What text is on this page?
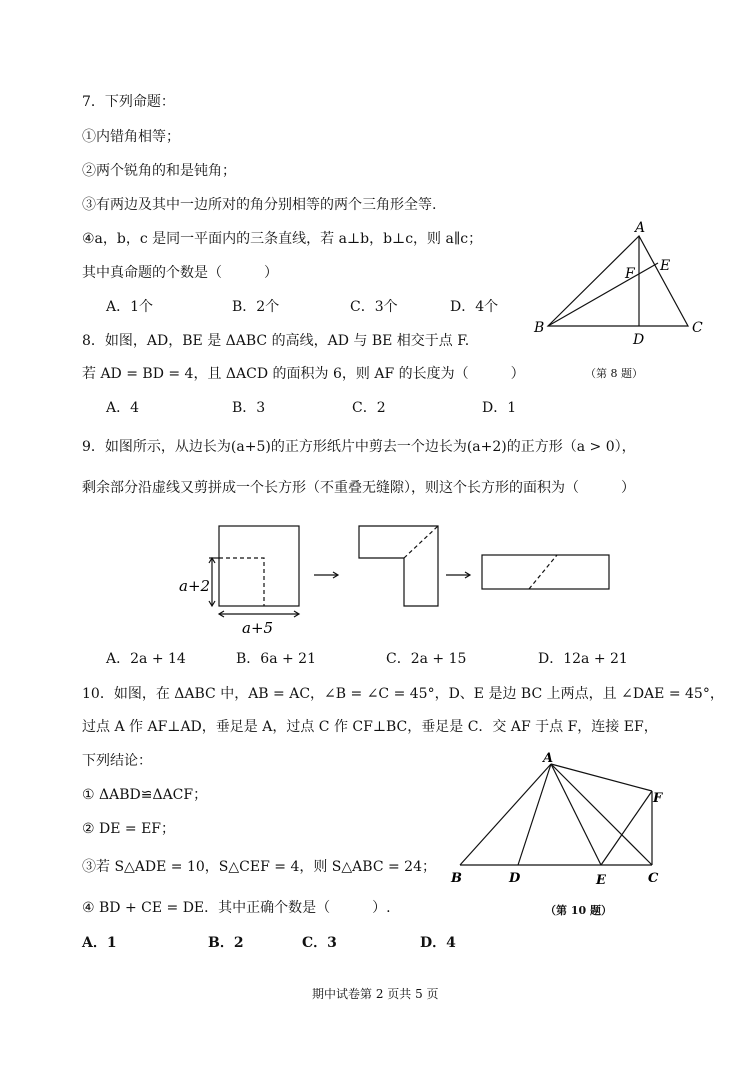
7．下列命题：
①内错角相等；
②两个锐角的和是钝角；
③有两边及其中一边所对的角分别相等的两个三角形全等.
④a，b，c 是同一平面内的三条直线，若 a⊥b，b⊥c，则 a∥c；
其中真命题的个数是（　　　）
A．1个	B．2个	C．3个	D．4个
A
B	C
D
E
F
（第 8 题）
8．如图，AD，BE 是 ΔABC 的高线，AD 与 BE 相交于点 F.
若 AD = BD = 4，且 ΔACD 的面积为 6，则 AF 的长度为（　　　）
A．4	B．3	C．2	D．1
9．如图所示，从边长为(a+5)的正方形纸片中剪去一个边长为(a+2)的正方形（a > 0），
剩余部分沿虚线又剪拼成一个长方形（不重叠无缝隙），则这个长方形的面积为（　　　）
a+2
a+5
A．2a + 14	B．6a + 21	C．2a + 15	D．12a + 21
10．如图，在 ΔABC 中，AB = AC，∠B = ∠C = 45°，D、E 是边 BC 上两点，且 ∠DAE = 45°，
过点 A 作 AF⊥AD，垂足是 A，过点 C 作 CF⊥BC，垂足是 C．交 AF 于点 F，连接 EF，
下列结论：
① ΔABD≌ΔACF；
② DE = EF；
③若 S△ADE = 10，S△CEF = 4，则 S△ABC = 24；
④ BD + CE = DE．其中正确个数是（　　　）.
A．1	B．2	C．3	D．4
A
B	C
D	E
F
（第 10 题）
期中试卷第 2 页共 5 页
